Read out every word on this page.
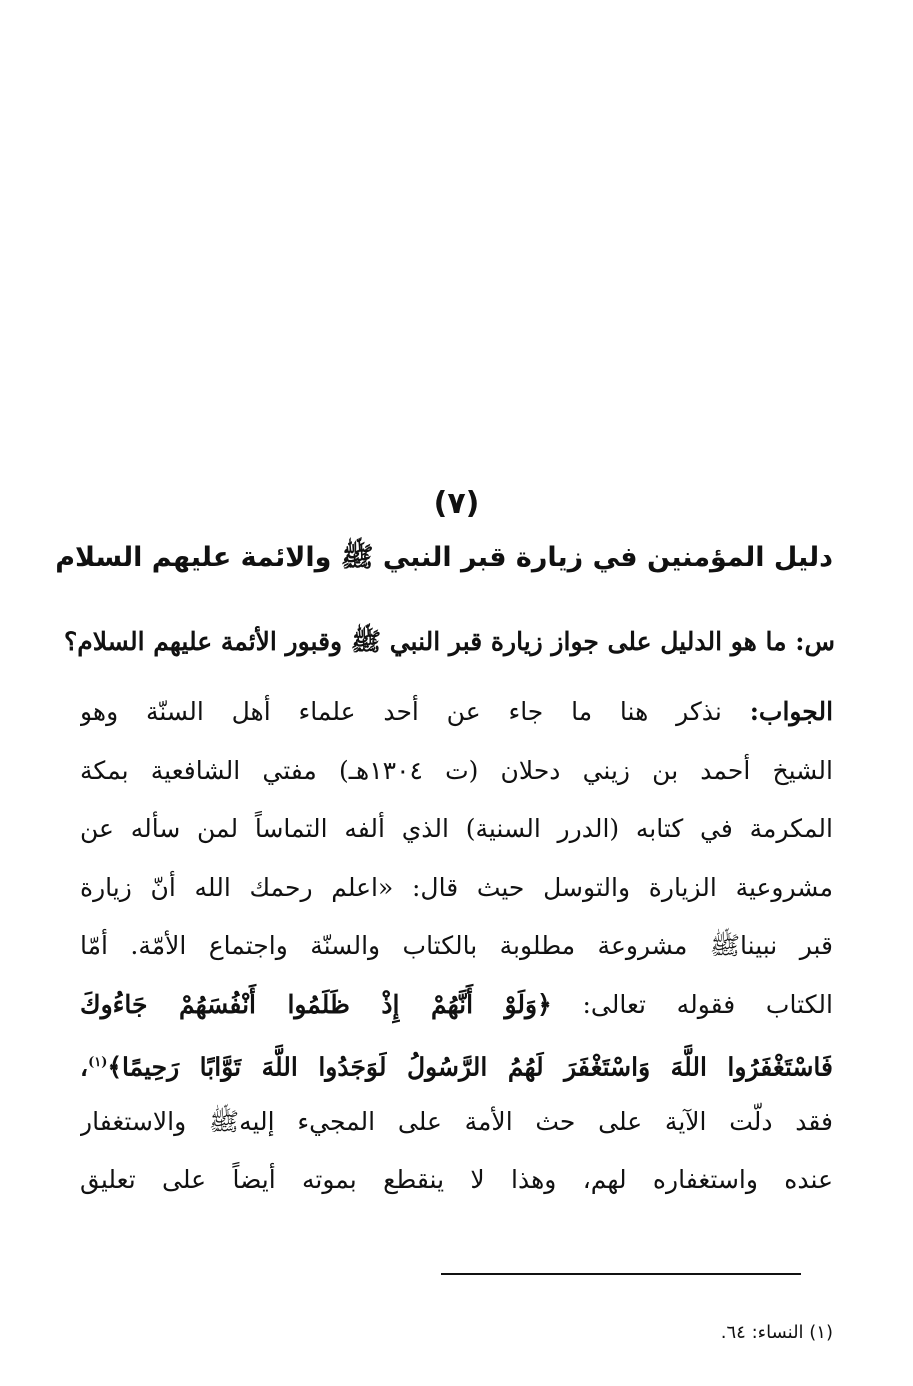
(٧)
دليل المؤمنين في زيارة قبر النبي ﷺ والائمة عليهم السلام
س: ما هو الدليل على جواز زيارة قبر النبي ﷺ وقبور الأئمة عليهم السلام؟
الجواب: نذكر هنا ما جاء عن أحد علماء أهل السنّة وهو
الشيخ أحمد بن زيني دحلان (ت ١٣٠٤هـ) مفتي الشافعية بمكة
المكرمة في كتابه (الدرر السنية) الذي ألفه التماساً لمن سأله عن
مشروعية الزيارة والتوسل حيث قال: «اعلم رحمك الله أنّ زيارة
قبر نبيناﷺ مشروعة مطلوبة بالكتاب والسنّة واجتماع الأمّة. أمّا
الكتاب فقوله تعالى: ﴿وَلَوْ أَنَّهُمْ إِذْ ظَلَمُوا أَنْفُسَهُمْ جَاءُوكَ
فَاسْتَغْفَرُوا اللَّهَ وَاسْتَغْفَرَ لَهُمُ الرَّسُولُ لَوَجَدُوا اللَّهَ تَوَّابًا رَحِيمًا﴾$^{(١)}$،
فقد دلّت الآية على حث الأمة على المجيء إليهﷺ والاستغفار
عنده واستغفاره لهم، وهذا لا ينقطع بموته أيضاً على تعليق
(١) النساء: ٦٤.
